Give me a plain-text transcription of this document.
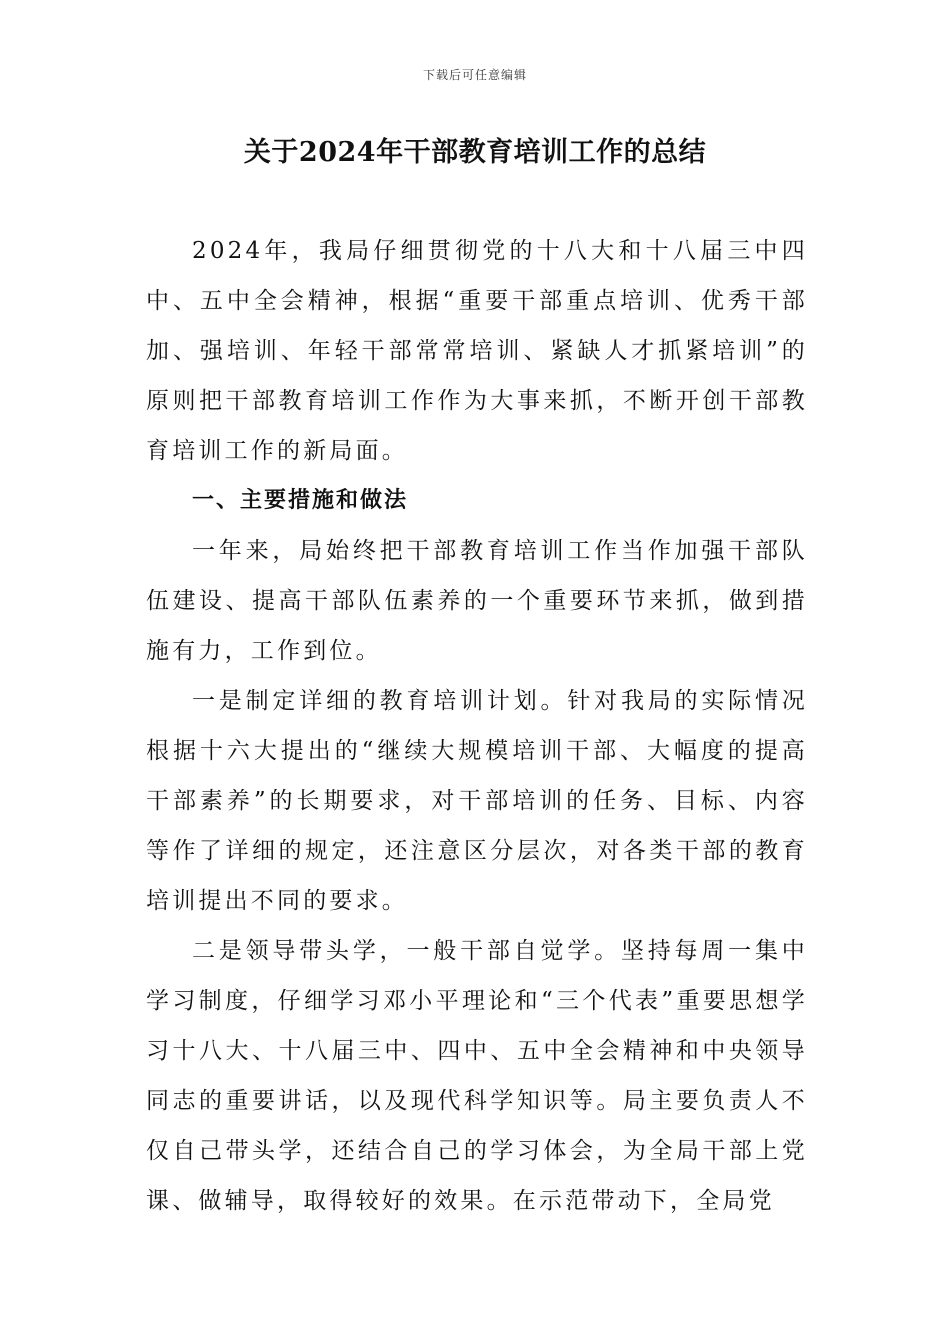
下载后可任意编辑
关于2024年干部教育培训工作的总结

2024年，我局仔细贯彻党的十八大和十八届三中四中、五中全会精神，根据“重要干部重点培训、优秀干部加、强培训、年轻干部常常培训、紧缺人才抓紧培训”的原则把干部教育培训工作作为大事来抓，不断开创干部教育培训工作的新局面。

一、主要措施和做法

一年来，局始终把干部教育培训工作当作加强干部队伍建设、提高干部队伍素养的一个重要环节来抓，做到措施有力，工作到位。

一是制定详细的教育培训计划。针对我局的实际情况根据十六大提出的“继续大规模培训干部、大幅度的提高干部素养”的长期要求，对干部培训的任务、目标、内容等作了详细的规定，还注意区分层次，对各类干部的教育培训提出不同的要求。

二是领导带头学，一般干部自觉学。坚持每周一集中学习制度，仔细学习邓小平理论和“三个代表”重要思想学习十八大、十八届三中、四中、五中全会精神和中央领导同志的重要讲话，以及现代科学知识等。局主要负责人不仅自己带头学，还结合自己的学习体会，为全局干部上党课、做辅导，取得较好的效果。在示范带动下，全局党
